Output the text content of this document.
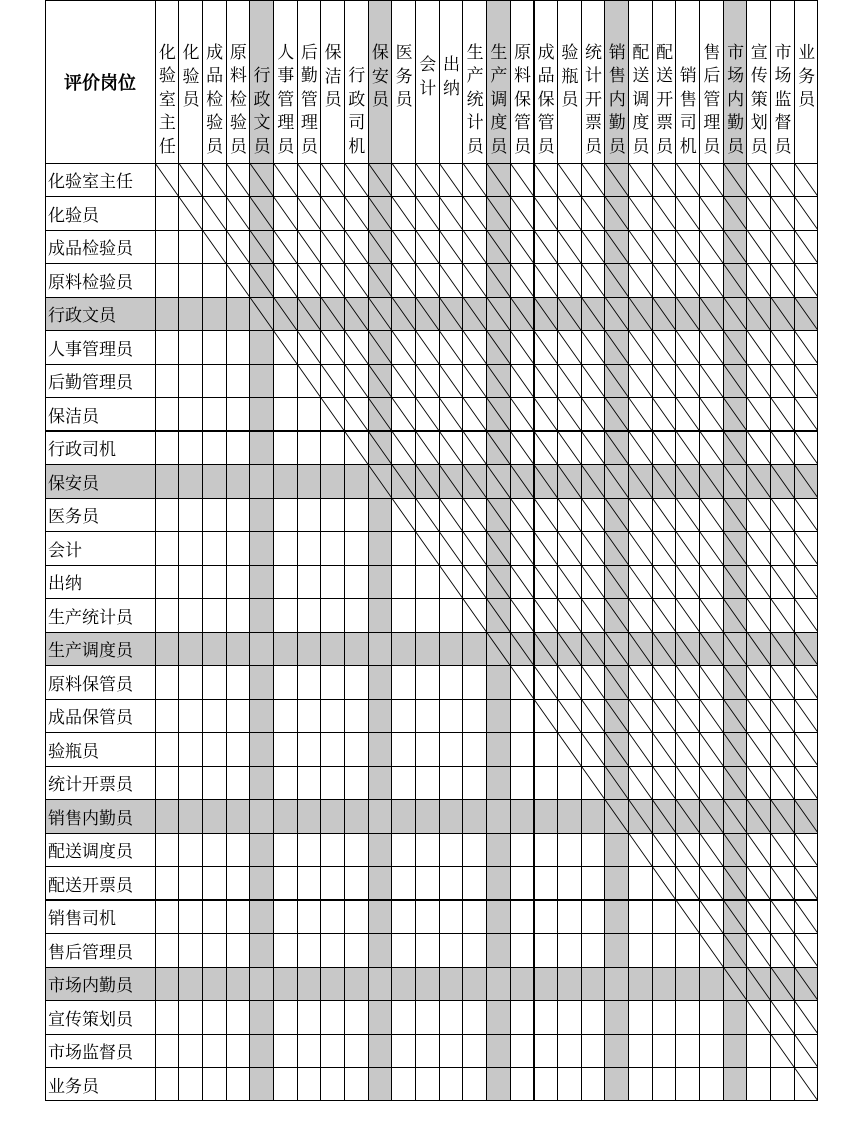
评价岗位
化验室主任
化验员
成品检验员
原料检验员
行政文员
人事管理员
后勤管理员
保洁员
行政司机
保安员
医务员
会计
出纳
生产统计员
生产调度员
原料保管员
成品保管员
验瓶员
统计开票员
销售内勤员
配送调度员
配送开票员
销售司机
售后管理员
市场内勤员
宣传策划员
市场监督员
业务员
化验室主任
化验员
成品检验员
原料检验员
行政文员
人事管理员
后勤管理员
保洁员
行政司机
保安员
医务员
会计
出纳
生产统计员
生产调度员
原料保管员
成品保管员
验瓶员
统计开票员
销售内勤员
配送调度员
配送开票员
销售司机
售后管理员
市场内勤员
宣传策划员
市场监督员
业务员
